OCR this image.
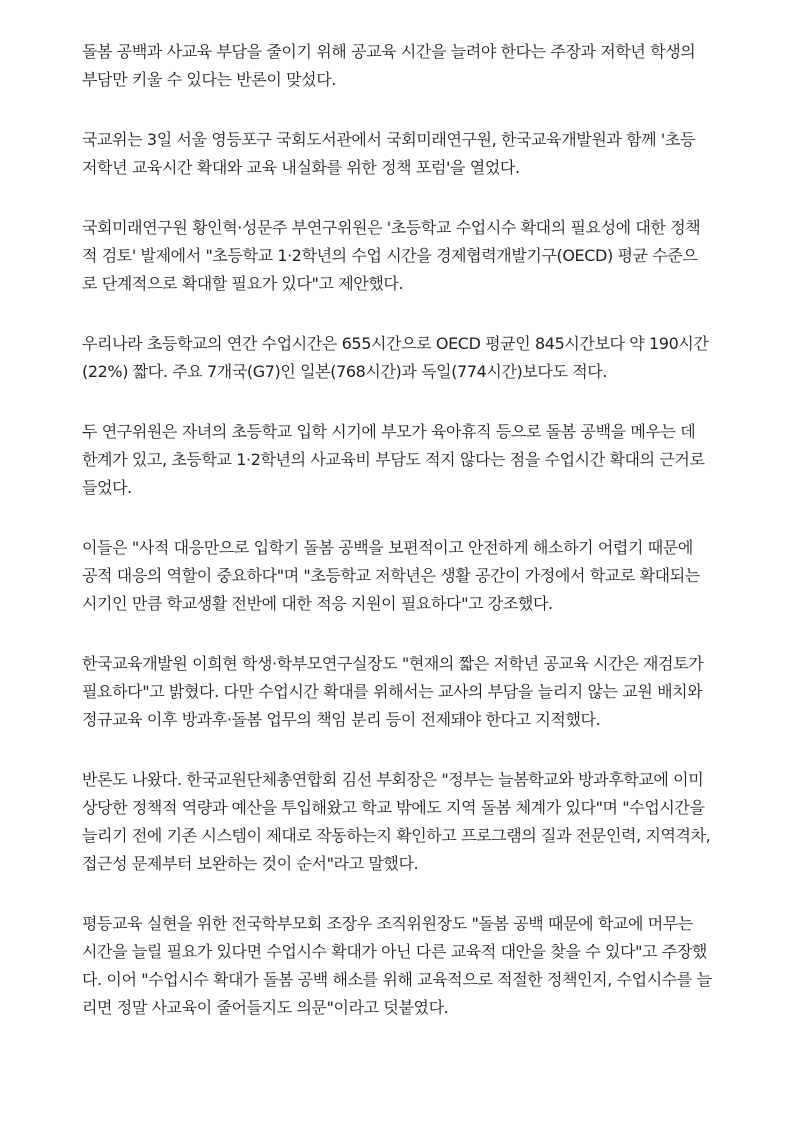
돌봄 공백과 사교육 부담을 줄이기 위해 공교육 시간을 늘려야 한다는 주장과 저학년 학생의 부담만 키울 수 있다는 반론이 맞섰다.

국교위는 3일 서울 영등포구 국회도서관에서 국회미래연구원, 한국교육개발원과 함께 '초등 저학년 교육시간 확대와 교육 내실화를 위한 정책 포럼'을 열었다.

국회미래연구원 황인혁·성문주 부연구위원은 '초등학교 수업시수 확대의 필요성에 대한 정책적 검토' 발제에서 "초등학교 1·2학년의 수업 시간을 경제협력개발기구(OECD) 평균 수준으로 단계적으로 확대할 필요가 있다"고 제안했다.

우리나라 초등학교의 연간 수업시간은 655시간으로 OECD 평균인 845시간보다 약 190시간(22%) 짧다. 주요 7개국(G7)인 일본(768시간)과 독일(774시간)보다도 적다.

두 연구위원은 자녀의 초등학교 입학 시기에 부모가 육아휴직 등으로 돌봄 공백을 메우는 데 한계가 있고, 초등학교 1·2학년의 사교육비 부담도 적지 않다는 점을 수업시간 확대의 근거로 들었다.

이들은 "사적 대응만으로 입학기 돌봄 공백을 보편적이고 안전하게 해소하기 어렵기 때문에 공적 대응의 역할이 중요하다"며 "초등학교 저학년은 생활 공간이 가정에서 학교로 확대되는 시기인 만큼 학교생활 전반에 대한 적응 지원이 필요하다"고 강조했다.

한국교육개발원 이희현 학생·학부모연구실장도 "현재의 짧은 저학년 공교육 시간은 재검토가 필요하다"고 밝혔다. 다만 수업시간 확대를 위해서는 교사의 부담을 늘리지 않는 교원 배치와 정규교육 이후 방과후·돌봄 업무의 책임 분리 등이 전제돼야 한다고 지적했다.

반론도 나왔다. 한국교원단체총연합회 김선 부회장은 "정부는 늘봄학교와 방과후학교에 이미 상당한 정책적 역량과 예산을 투입해왔고 학교 밖에도 지역 돌봄 체계가 있다"며 "수업시간을 늘리기 전에 기존 시스템이 제대로 작동하는지 확인하고 프로그램의 질과 전문인력, 지역격차, 접근성 문제부터 보완하는 것이 순서"라고 말했다.

평등교육 실현을 위한 전국학부모회 조장우 조직위원장도 "돌봄 공백 때문에 학교에 머무는 시간을 늘릴 필요가 있다면 수업시수 확대가 아닌 다른 교육적 대안을 찾을 수 있다"고 주장했다. 이어 "수업시수 확대가 돌봄 공백 해소를 위해 교육적으로 적절한 정책인지, 수업시수를 늘리면 정말 사교육이 줄어들지도 의문"이라고 덧붙였다.
